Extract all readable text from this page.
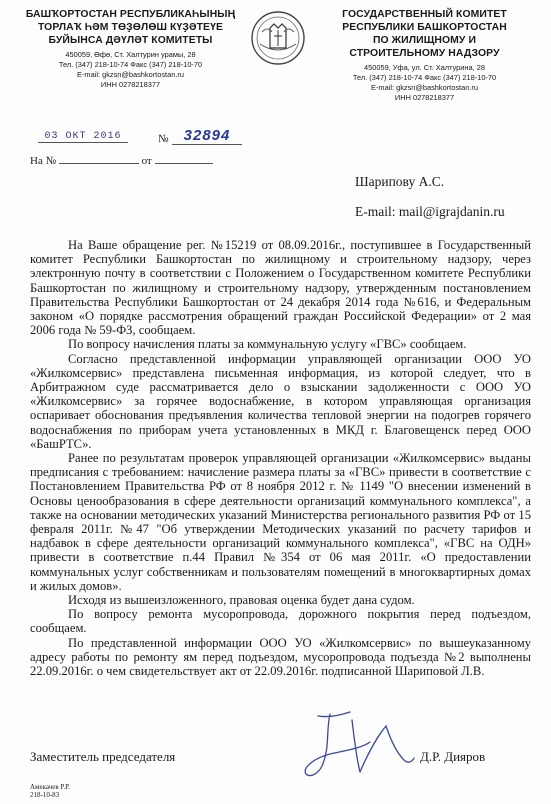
БАШҠОРТОСТАН РЕСПУБЛИКАҺЫНЫҢ
ТОРЛАҠ ҺӘМ ТӨҘӨЛӨШ КҮҘӘТЕҮЕ
БУЙЫНСА ДӘҮЛӘТ КОМИТЕТЫ
450059, Өфө, Ст. Халтурин урамы, 28
Тел. (347) 218-10-74 Факс (347) 218-10-70
E-mail: gkzsn@bashkortostan.ru
ИНН 0278218377
ГОСУДАРСТВЕННЫЙ КОМИТЕТ
РЕСПУБЛИКИ БАШКОРТОСТАН
ПО ЖИЛИЩНОМУ И
СТРОИТЕЛЬНОМУ НАДЗОРУ
450059, Уфа, ул. Ст. Халтурина, 28
Тел. (347) 218-10-74 Факс (347) 218-10-70
E-mail: gkzsn@bashkortostan.ru
ИНН 0278218377
03 ОКТ 2016	№	32894
На №	от
Шарипову А.С.
E-mail: mail@igrajdanin.ru

На Ваше обращение рег. №15219 от 08.09.2016г., поступившее в Государственный комитет Республики Башкортостан по жилищному и строительному надзору, через электронную почту в соответствии с Положением о Государственном комитете Республики Башкортостан по жилищному и строительному надзору, утвержденным постановлением Правительства Республики Башкортостан от 24 декабря 2014 года №616, и Федеральным законом «О порядке рассмотрения обращений граждан Российской Федерации» от 2 мая 2006 года № 59-ФЗ, сообщаем.

По вопросу начисления платы за коммунальную услугу «ГВС» сообщаем.

Согласно представленной информации управляющей организации ООО УО «Жилкомсервис» представлена письменная информация, из которой следует, что в Арбитражном суде рассматривается дело о взыскании задолженности с ООО УО «Жилкомсервис» за горячее водоснабжение, в котором управляющая организация оспаривает обоснования предъявления количества тепловой энергии на подогрев горячего водоснабжения по приборам учета установленных в МКД г. Благовещенск перед ООО «БашРТС».

Ранее по результатам проверок управляющей организации «Жилкомсервис» выданы предписания с требованием: начисление размера платы за «ГВС» привести в соответствие с Постановлением Правительства РФ от 8 ноября 2012 г. № 1149 "О внесении изменений в Основы ценообразования в сфере деятельности организаций коммунального комплекса", а также на основании методических указаний Министерства регионального развития РФ от 15 февраля 2011г. №47 "Об утверждении Методических указаний по расчету тарифов и надбавок в сфере деятельности организаций коммунального комплекса", «ГВС на ОДН» привести в соответствие п.44 Правил №354 от 06 мая 2011г. «О предоставлении коммунальных услуг собственникам и пользователям помещений в многоквартирных домах и жилых домов».

Исходя из вышеизложенного, правовая оценка будет дана судом.

По вопросу ремонта мусоропровода, дорожного покрытия перед подъездом, сообщаем.

По представленной информации ООО УО «Жилкомсервис» по вышеуказанному адресу работы по ремонту ям перед подъездом, мусоропровода подъезда №2 выполнены 22.09.2016г. о чем свидетельствует акт от 22.09.2016г. подписанной Шариповой Л.В.

Заместитель председателя	Д.Р. Дияров
Амекачев Р.Р.
218-10-83
